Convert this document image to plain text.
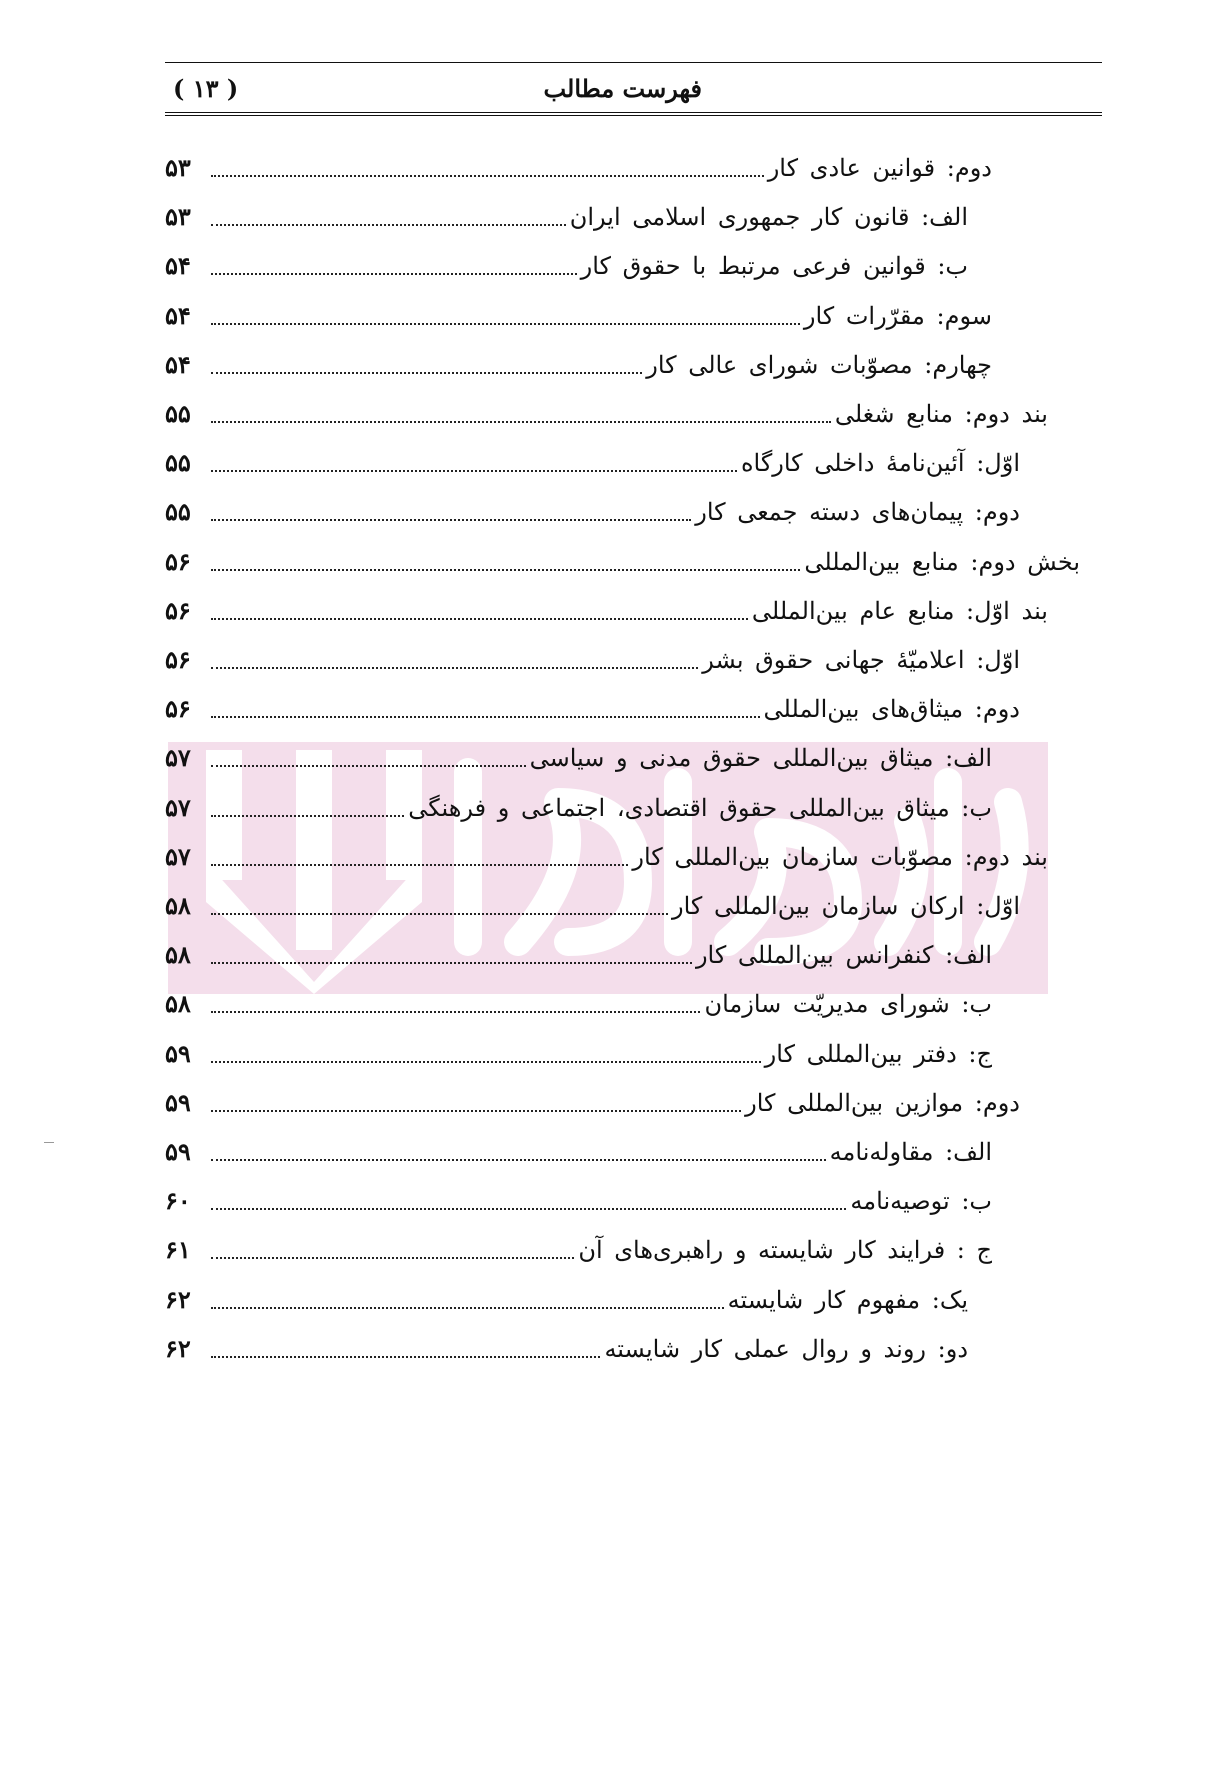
فهرست مطالب
( ۱۳ )
دوم: قوانین عادی کار
۵۳
الف: قانون کار جمهوری اسلامی ایران
۵۳
ب: قوانین فرعی مرتبط با حقوق کار
۵۴
سوم: مقرّرات کار
۵۴
چهارم: مصوّبات شورای عالی کار
۵۴
بند دوم: منابع شغلی
۵۵
اوّل: آئین‌نامۀ داخلی کارگاه
۵۵
دوم: پیمان‌های دسته جمعی کار
۵۵
بخش دوم: منابع بین‌المللی
۵۶
بند اوّل: منابع عام بین‌المللی
۵۶
اوّل: اعلامیّۀ جهانی حقوق بشر
۵۶
دوم: میثاق‌های بین‌المللی
۵۶
الف: میثاق بین‌المللی حقوق مدنی و سیاسی
۵۷
ب: میثاق بین‌المللی حقوق اقتصادی، اجتماعی و فرهنگی
۵۷
بند دوم: مصوّبات سازمان بین‌المللی کار
۵۷
اوّل: ارکان سازمان بین‌المللی کار
۵۸
الف: کنفرانس بین‌المللی کار
۵۸
ب: شورای مدیریّت سازمان
۵۸
ج: دفتر بین‌المللی کار
۵۹
دوم: موازین بین‌المللی کار
۵۹
الف: مقاوله‌نامه
۵۹
ب: توصیه‌نامه
۶۰
ج : فرایند کار شایسته و راهبری‌های آن
۶۱
یک: مفهوم کار شایسته
۶۲
دو: روند و روال عملی کار شایسته
۶۲
